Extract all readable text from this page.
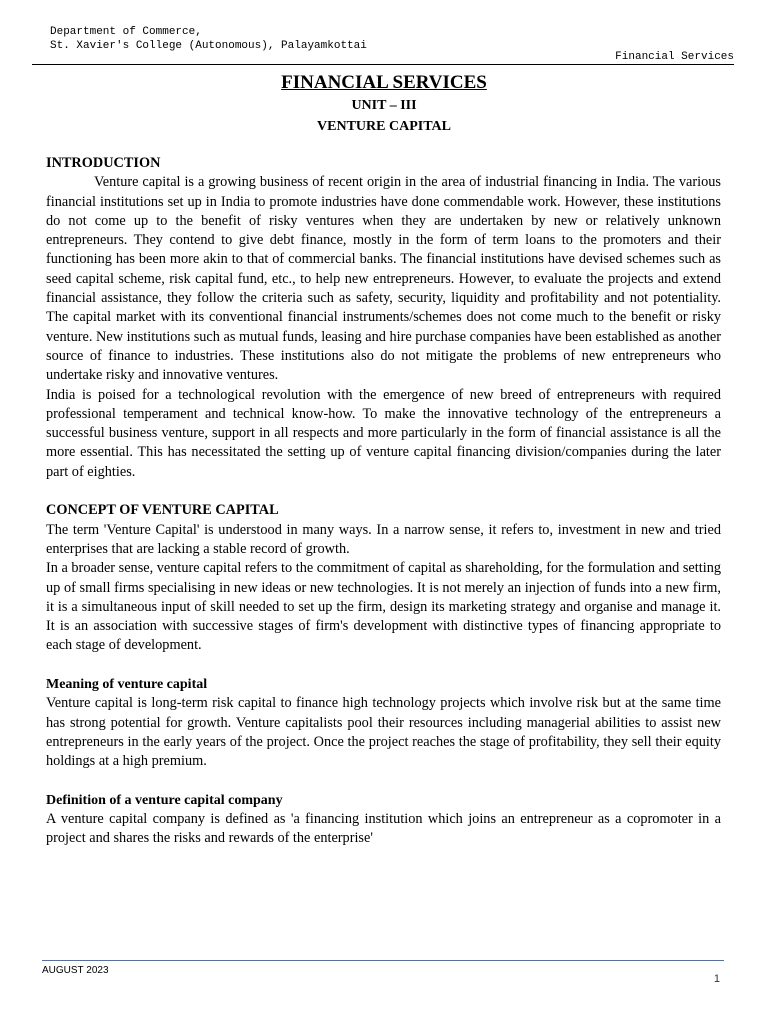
Department of Commerce,
St. Xavier's College (Autonomous), Palayamkottai
Financial Services
FINANCIAL SERVICES
UNIT – III
VENTURE CAPITAL
INTRODUCTION

Venture capital is a growing business of recent origin in the area of industrial financing in India. The various financial institutions set up in India to promote industries have done commendable work. However, these institutions do not come up to the benefit of risky ventures when they are undertaken by new or relatively unknown entrepreneurs. They contend to give debt finance, mostly in the form of term loans to the promoters and their functioning has been more akin to that of commercial banks. The financial institutions have devised schemes such as seed capital scheme, risk capital fund, etc., to help new entrepreneurs. However, to evaluate the projects and extend financial assistance, they follow the criteria such as safety, security, liquidity and profitability and not potentiality. The capital market with its conventional financial instruments/schemes does not come much to the benefit or risky venture. New institutions such as mutual funds, leasing and hire purchase companies have been established as another source of finance to industries. These institutions also do not mitigate the problems of new entrepreneurs who undertake risky and innovative ventures.

India is poised for a technological revolution with the emergence of new breed of entrepreneurs with required professional temperament and technical know-how. To make the innovative technology of the entrepreneurs a successful business venture, support in all respects and more particularly in the form of financial assistance is all the more essential. This has necessitated the setting up of venture capital financing division/companies during the later part of eighties.

CONCEPT OF VENTURE CAPITAL

The term 'Venture Capital' is understood in many ways. In a narrow sense, it refers to, investment in new and tried enterprises that are lacking a stable record of growth.

In a broader sense, venture capital refers to the commitment of capital as shareholding, for the formulation and setting up of small firms specialising in new ideas or new technologies. It is not merely an injection of funds into a new firm, it is a simultaneous input of skill needed to set up the firm, design its marketing strategy and organise and manage it. It is an association with successive stages of firm's development with distinctive types of financing appropriate to each stage of development.

Meaning of venture capital

Venture capital is long-term risk capital to finance high technology projects which involve risk but at the same time has strong potential for growth. Venture capitalists pool their resources including managerial abilities to assist new entrepreneurs in the early years of the project. Once the project reaches the stage of profitability, they sell their equity holdings at a high premium.

Definition of a venture capital company

A venture capital company is defined as 'a financing institution which joins an entrepreneur as a copromoter in a project and shares the risks and rewards of the enterprise'

AUGUST 2023
1
